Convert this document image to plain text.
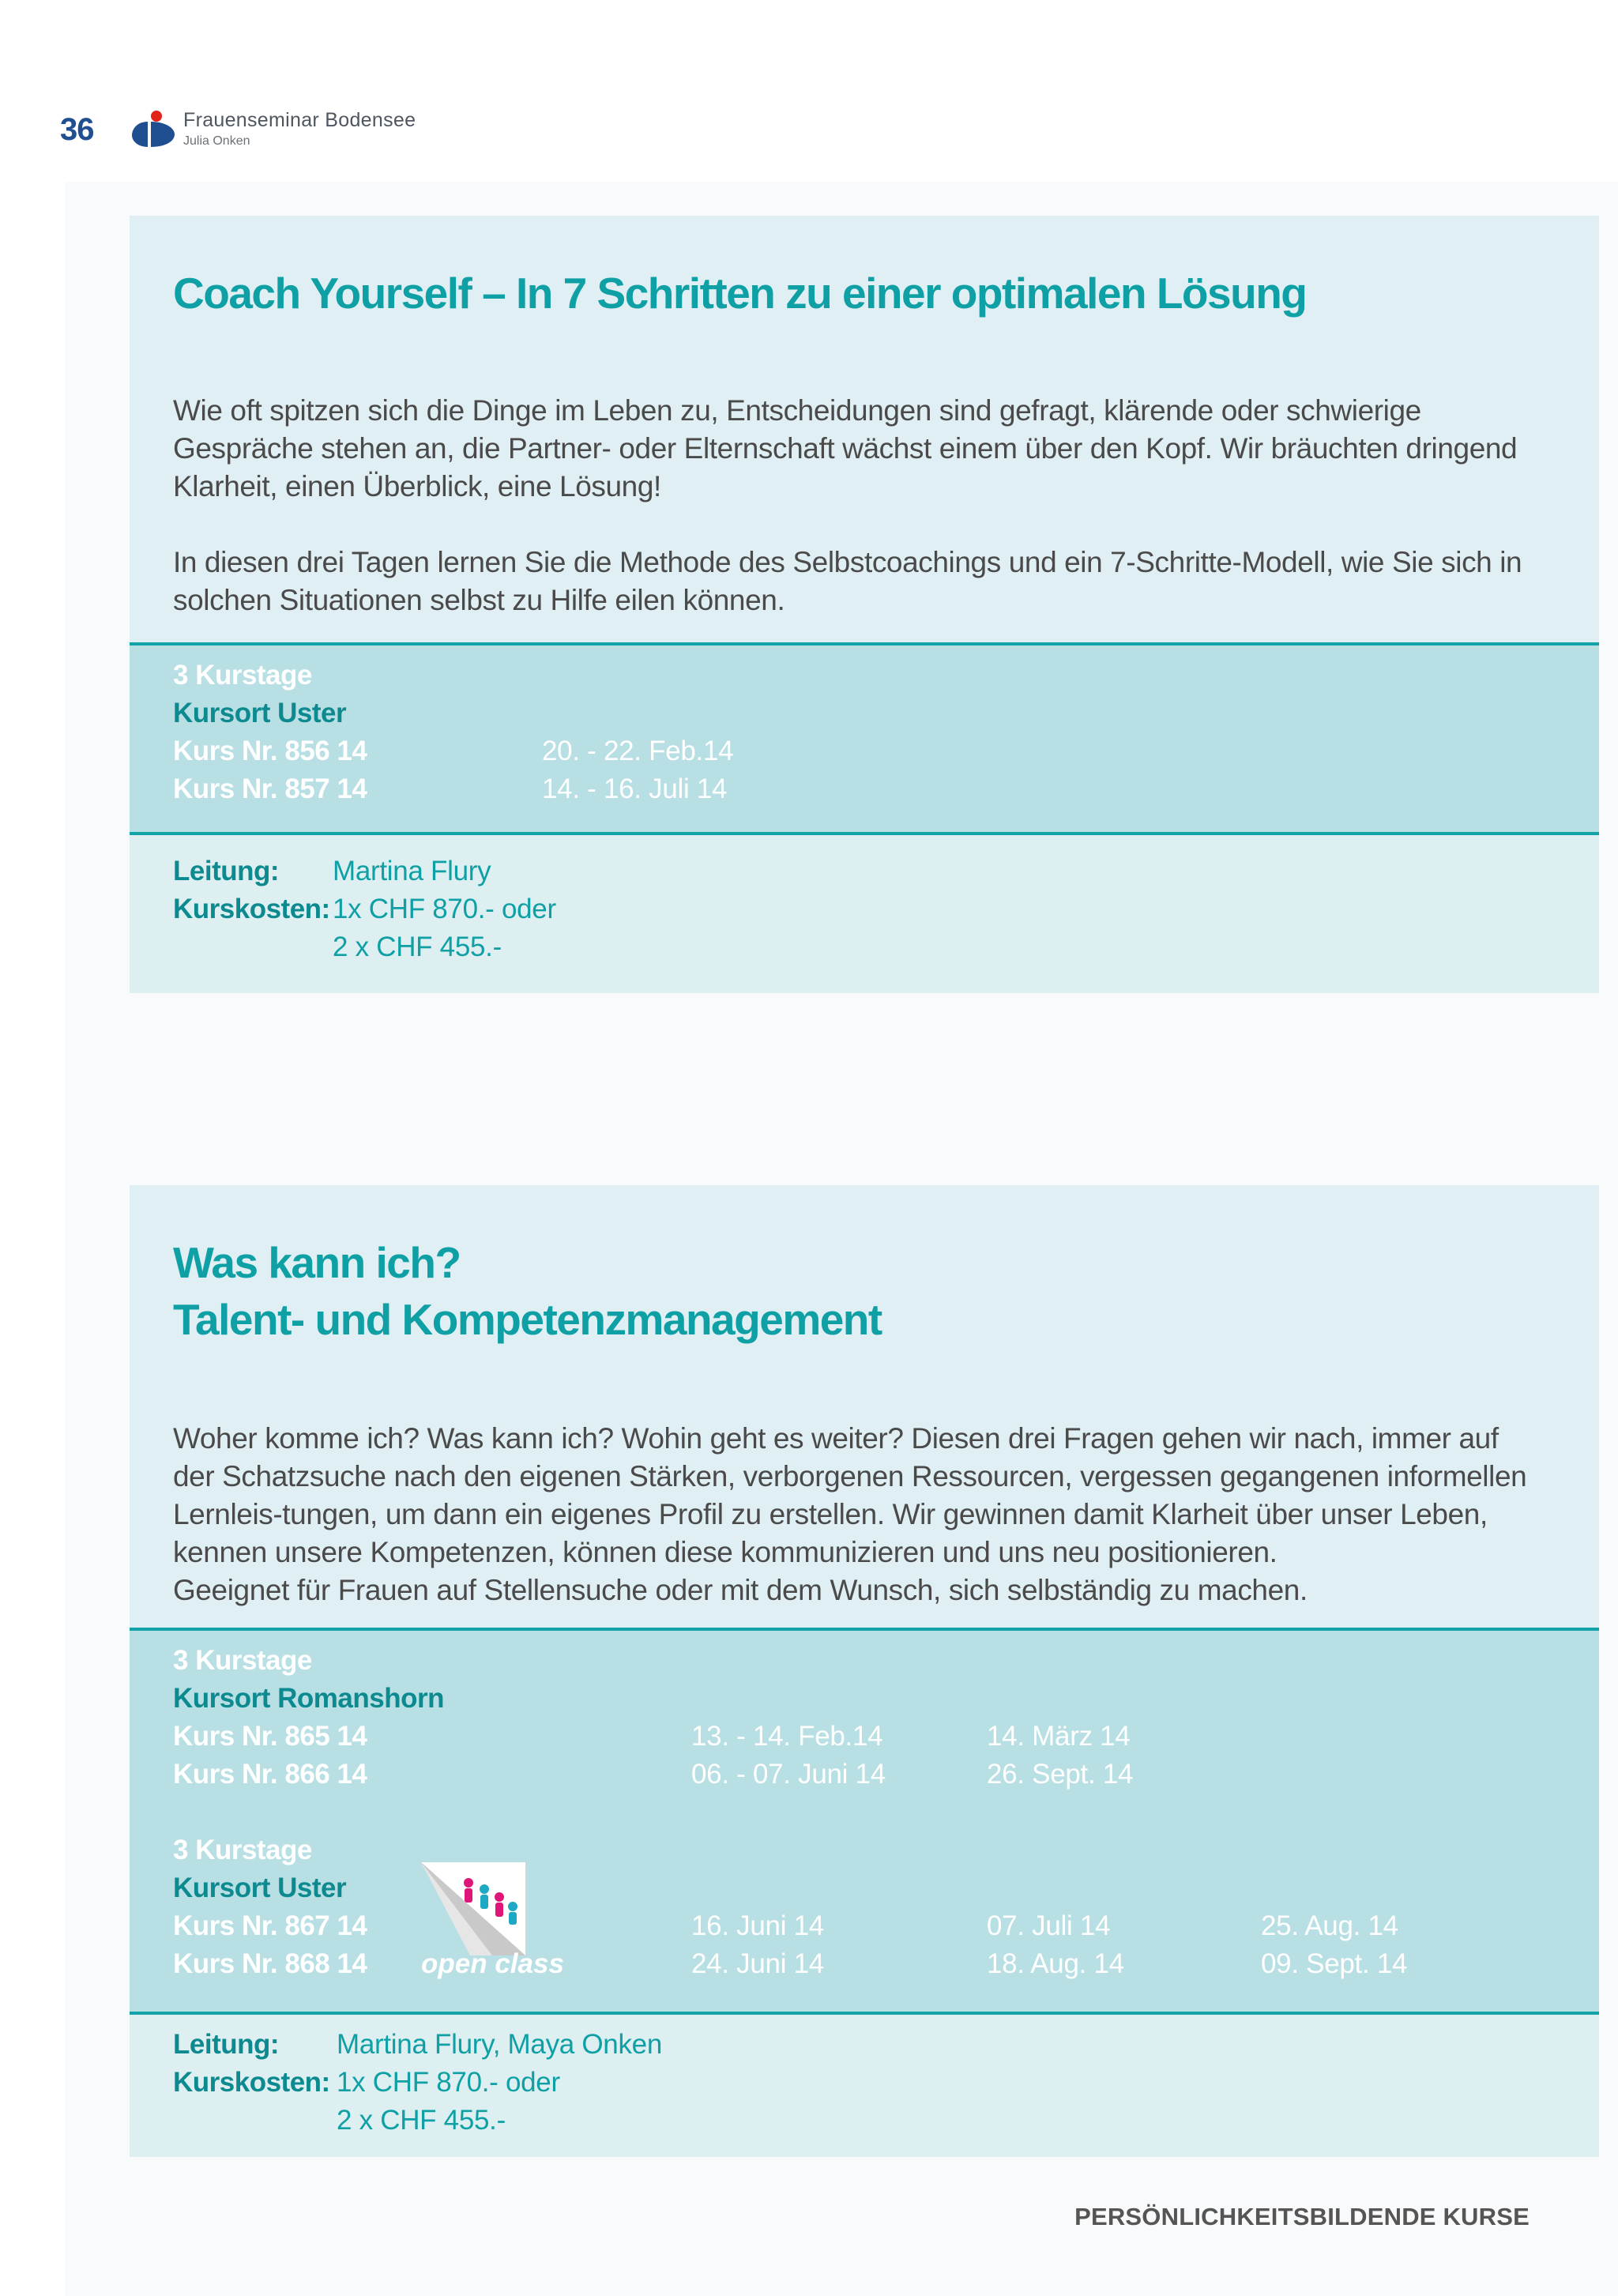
36	Frauenseminar Bodensee
Julia Onken
Coach Yourself – In 7 Schritten zu einer optimalen Lösung

Wie oft spitzen sich die Dinge im Leben zu, Entscheidungen sind gefragt, klärende oder schwierige Gespräche stehen an, die Partner- oder Elternschaft wächst einem über den Kopf. Wir bräuchten dringend Klarheit, einen Überblick, eine Lösung!

In diesen drei Tagen lernen Sie die Methode des Selbstcoachings und ein 7-Schritte-Modell, wie Sie sich in solchen Situationen selbst zu Hilfe eilen können.

3 Kurstage
Kursort Uster
Kurs Nr. 856 14	20. - 22. Feb.14
Kurs Nr. 857 14	14. - 16. Juli 14
Leitung: Martina Flury
Kurskosten: 1x CHF 870.- oder
2 x CHF 455.-
Was kann ich?
Talent- und Kompetenzmanagement

Woher komme ich? Was kann ich? Wohin geht es weiter? Diesen drei Fragen gehen wir nach, immer auf der Schatzsuche nach den eigenen Stärken, verborgenen Ressourcen, vergessen gegangenen informellen Lernleis-tungen, um dann ein eigenes Profil zu erstellen. Wir gewinnen damit Klarheit über unser Leben, kennen unsere Kompetenzen, können diese kommunizieren und uns neu positionieren.

Geeignet für Frauen auf Stellensuche oder mit dem Wunsch, sich selbständig zu machen.

3 Kurstage
Kursort Romanshorn
Kurs Nr. 865 14	13. - 14. Feb.14	14. März 14
Kurs Nr. 866 14	06. - 07. Juni 14	26. Sept. 14
3 Kurstage
Kursort Uster
Kurs Nr. 867 14	16. Juni 14	07. Juli 14	25. Aug. 14
Kurs Nr. 868 14	24. Juni 14	18. Aug. 14	09. Sept. 14
open class
Leitung: Martina Flury, Maya Onken
Kurskosten: 1x CHF 870.- oder
2 x CHF 455.-
PERSÖNLICHKEITSBILDENDE KURSE
